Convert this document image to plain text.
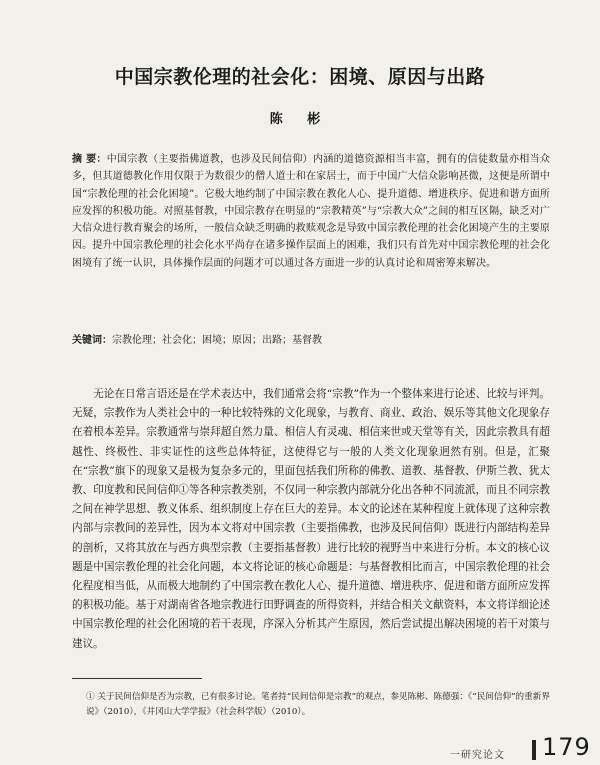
中国宗教伦理的社会化：困境、原因与出路
陈 彬
摘 要：中国宗教（主要指佛道教，也涉及民间信仰）内涵的道德资源相当丰富，拥有的信徒数量亦相当众多，但其道德教化作用仅限于为数很少的僧人道士和在家居士，而于中国广大信众影响甚微，这便是所谓中国“宗教伦理的社会化困境”。它极大地约制了中国宗教在教化人心、提升道德、增进秩序、促进和谐方面所应发挥的积极功能。对照基督教，中国宗教存在明显的“宗教精英”与“宗教大众”之间的相互区隔，缺乏对广大信众进行教育聚会的场所，一般信众缺乏明确的救赎观念是导致中国宗教伦理的社会化困境产生的主要原因。提升中国宗教伦理的社会化水平尚存在诸多操作层面上的困难，我们只有首先对中国宗教伦理的社会化困境有了统一认识，具体操作层面的问题才可以通过各方面进一步的认真讨论和周密筹来解决。
关键词：宗教伦理；社会化；困境；原因；出路；基督教
无论在日常言语还是在学术表达中，我们通常会将“宗教”作为一个整体来进行论述、比较与评判。无疑，宗教作为人类社会中的一种比较特殊的文化现象，与教育、商业、政治、娱乐等其他文化现象存在着根本差异。宗教通常与崇拜超自然力量、相信人有灵魂、相信来世或天堂等有关，因此宗教具有超越性、终极性、非实证性的这些总体特征，这使得它与一般的人类文化现象迥然有别。但是，汇聚在“宗教”旗下的现象又是极为复杂多元的，里面包括我们所称的佛教、道教、基督教、伊斯兰教、犹太教、印度教和民间信仰①等各种宗教类别，不仅同一种宗教内部就分化出各种不同流派，而且不同宗教之间在神学思想、教义体系、组织制度上存在巨大的差异。本文的论述在某种程度上就体现了这种宗教内部与宗教间的差异性，因为本文将对中国宗教（主要指佛教，也涉及民间信仰）既进行内部结构差异的剖析，又将其放在与西方典型宗教（主要指基督教）进行比较的视野当中来进行分析。本文的核心议题是中国宗教伦理的社会化问题，本文将论证的核心命题是：与基督教相比而言，中国宗教伦理的社会化程度相当低，从而极大地制约了中国宗教在教化人心、提升道德、增进秩序、促进和谐方面所应发挥的积极功能。基于对湖南省各地宗教进行田野调查的所得资料，并结合相关文献资料，本文将详细论述中国宗教伦理的社会化困境的若干表现，序深入分析其产生原因，然后尝试提出解决困境的若干对策与建议。
① 关于民间信仰是否为宗教，已有很多讨论。笔者持“民间信仰是宗教”的观点，参见陈彬、陈德强：《“民间信仰”的重新界说》（2010），《井冈山大学学报》（社会科学版）（2010）。
一研究论文 179
